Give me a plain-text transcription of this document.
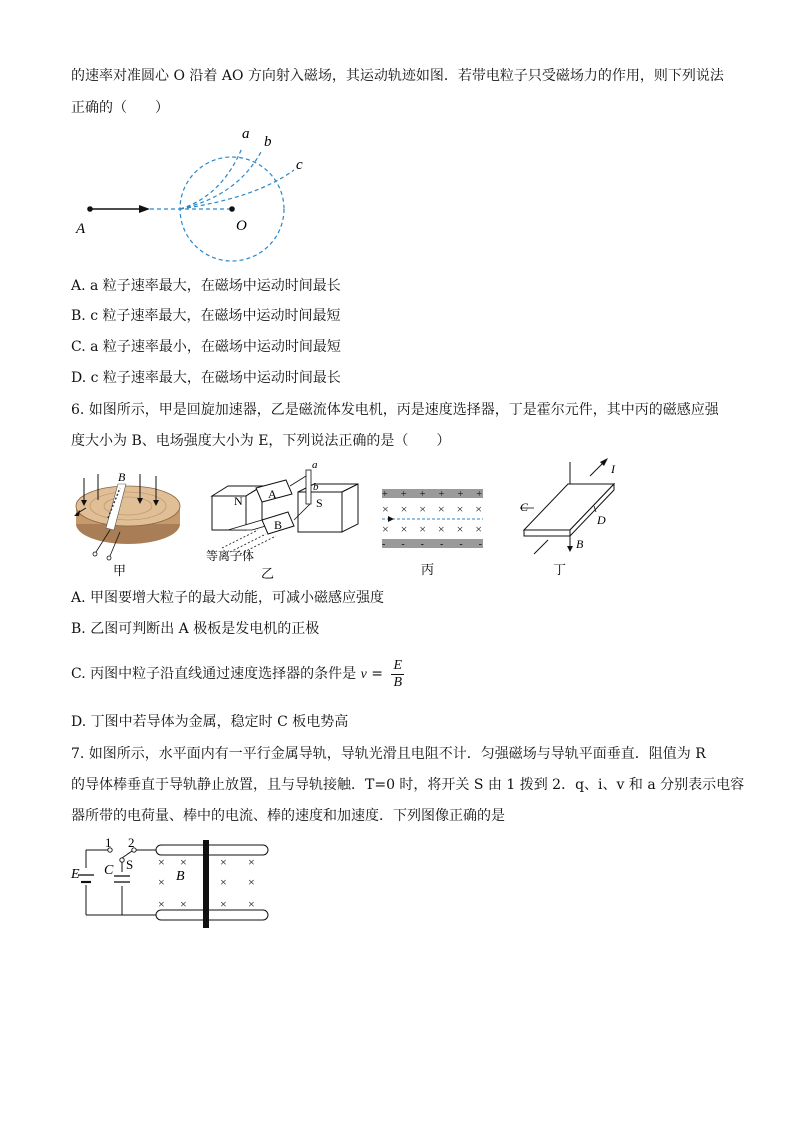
的速率对准圆心 O 沿着 AO 方向射入磁场，其运动轨迹如图．若带电粒子只受磁场力的作用，则下列说法
正确的（　　）
a b
c
A	O
A. a 粒子速率最大，在磁场中运动时间最长
B. c 粒子速率最大，在磁场中运动时间最短
C. a 粒子速率最小，在磁场中运动时间最短
D. c 粒子速率最大，在磁场中运动时间最长
6. 如图所示，甲是回旋加速器，乙是磁流体发电机，丙是速度选择器，丁是霍尔元件，其中丙的磁感应强
度大小为 B、电场强度大小为 E，下列说法正确的是（　　）
B
甲
N	S
A
B
a
b
等离子体
乙
+ + + + + +
× × × × × ×
× × × × × ×
- - - - - -
丙
I
C
D
B
丁
A. 甲图要增大粒子的最大动能，可减小磁感应强度
B. 乙图可判断出 A 极板是发电机的正极
C. 丙图中粒子沿直线通过速度选择器的条件是 $v = \frac{E}{B}$
D. 丁图中若导体为金属，稳定时 C 板电势高
7. 如图所示，水平面内有一平行金属导轨，导轨光滑且电阻不计．匀强磁场与导轨平面垂直．阻值为 R
的导体棒垂直于导轨静止放置，且与导轨接触．T=0 时，将开关 S 由 1 拨到 2．q、i、v 和 a 分别表示电容
器所带的电荷量、棒中的电流、棒的速度和加速度．下列图像正确的是
1 2
E C S
B
× ×	× ×
×	× ×
× ×	× ×
